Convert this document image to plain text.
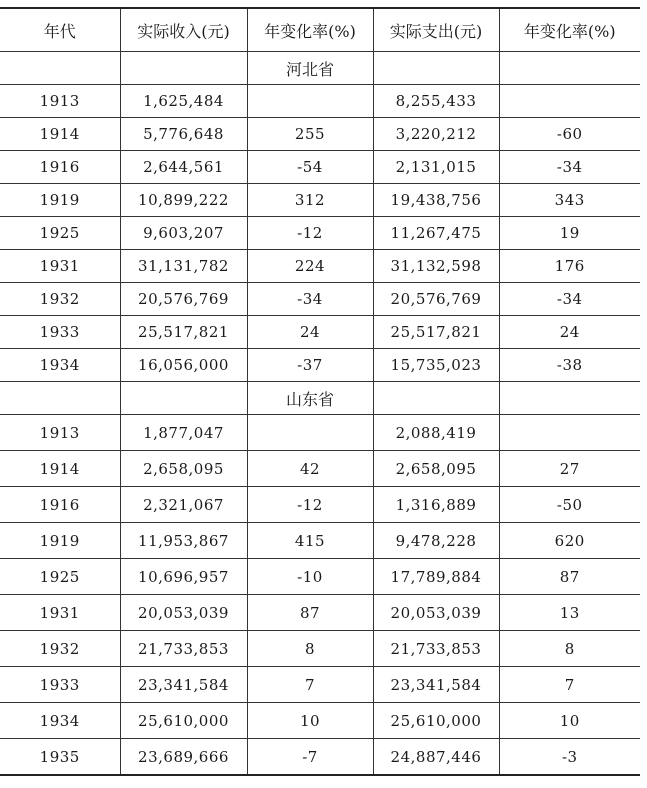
年代	实际收入(元)	年变化率(%)	实际支出(元)	年变化率(%)
		河北省		
1913	1,625,484		8,255,433	
1914	5,776,648	255	3,220,212	-60
1916	2,644,561	-54	2,131,015	-34
1919	10,899,222	312	19,438,756	343
1925	9,603,207	-12	11,267,475	19
1931	31,131,782	224	31,132,598	176
1932	20,576,769	-34	20,576,769	-34
1933	25,517,821	24	25,517,821	24
1934	16,056,000	-37	15,735,023	-38
		山东省		
1913	1,877,047		2,088,419	
1914	2,658,095	42	2,658,095	27
1916	2,321,067	-12	1,316,889	-50
1919	11,953,867	415	9,478,228	620
1925	10,696,957	-10	17,789,884	87
1931	20,053,039	87	20,053,039	13
1932	21,733,853	8	21,733,853	8
1933	23,341,584	7	23,341,584	7
1934	25,610,000	10	25,610,000	10
1935	23,689,666	-7	24,887,446	-3
